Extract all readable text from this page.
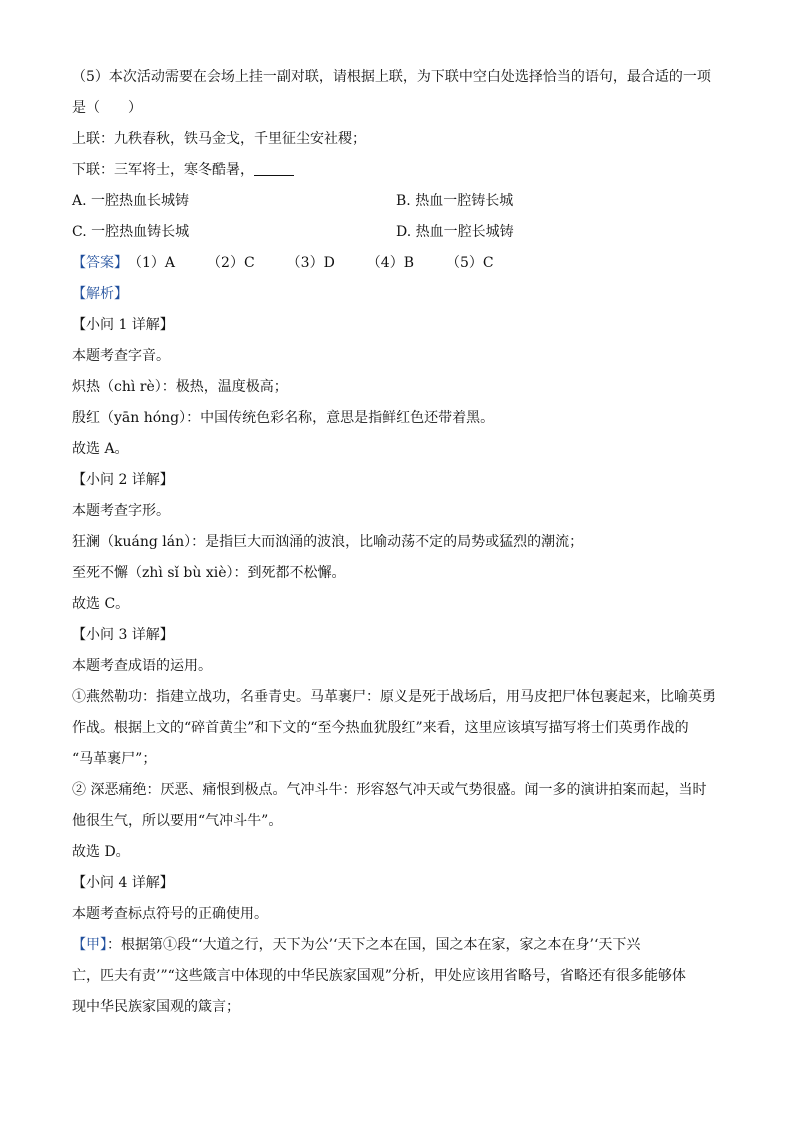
（5）本次活动需要在会场上挂一副对联，请根据上联，为下联中空白处选择恰当的语句，最合适的一项
是（　　）
上联：九秩春秋，铁马金戈，千里征尘安社稷；
下联：三军将士，寒冬酷暑，
A. 一腔热血长城铸	B. 热血一腔铸长城
C. 一腔热血铸长城	D. 热血一腔长城铸
【答案】（1）A （2）C （3）D （4）B （5）C
【解析】
【小问 1 详解】
本题考查字音。
炽热（chì rè）：极热，温度极高；
殷红（yān hóng）：中国传统色彩名称，意思是指鲜红色还带着黑。
故选 A。
【小问 2 详解】
本题考查字形。
狂澜（kuáng lán）：是指巨大而汹涌的波浪，比喻动荡不定的局势或猛烈的潮流；
至死不懈（zhì sǐ bù xiè）：到死都不松懈。
故选 C。
【小问 3 详解】
本题考查成语的运用。
①燕然勒功：指建立战功，名垂青史。马革裹尸：原义是死于战场后，用马皮把尸体包裹起来，比喻英勇
作战。根据上文的“碎首黄尘”和下文的“至今热血犹殷红”来看，这里应该填写描写将士们英勇作战的
“马革裹尸”；
② 深恶痛绝：厌恶、痛恨到极点。气冲斗牛：形容怒气冲天或气势很盛。闻一多的演讲拍案而起，当时
他很生气，所以要用“气冲斗牛”。
故选 D。
【小问 4 详解】
本题考查标点符号的正确使用。
【甲】：根据第①段“‘大道之行，天下为公’‘天下之本在国，国之本在家，家之本在身’‘天下兴
亡，匹夫有责’”“这些箴言中体现的中华民族家国观”分析，甲处应该用省略号，省略还有很多能够体
现中华民族家国观的箴言；
